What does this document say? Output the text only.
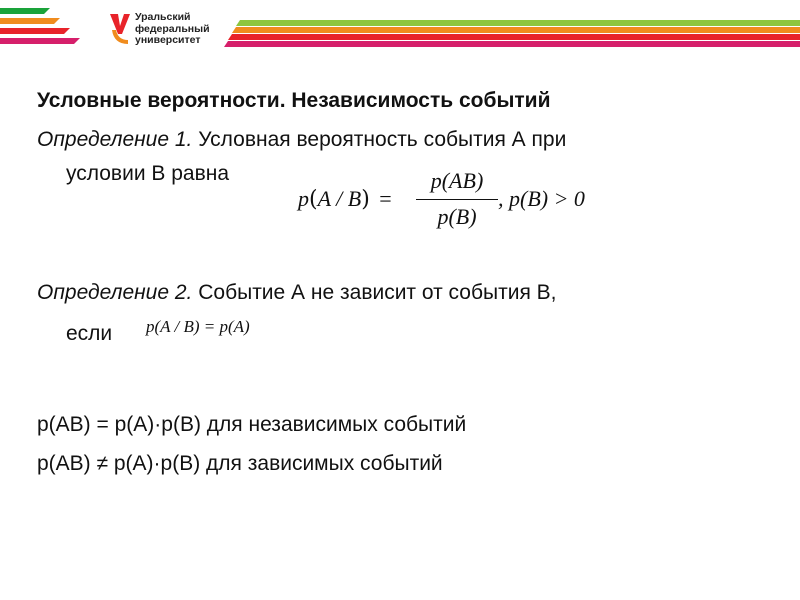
Уральский
федеральный
университет
Условные вероятности. Независимость событий
Определение 1. Условная вероятность события А при
условии В равна
p(A / B) =
p(AB)
p(B)
, p(B) > 0
Определение 2. Событие А не зависит от события В,
если p(A / B) = p(A)
p(AB) = p(A)·p(B) для независимых событий
p(AB) ≠ p(A)·p(B) для зависимых событий
